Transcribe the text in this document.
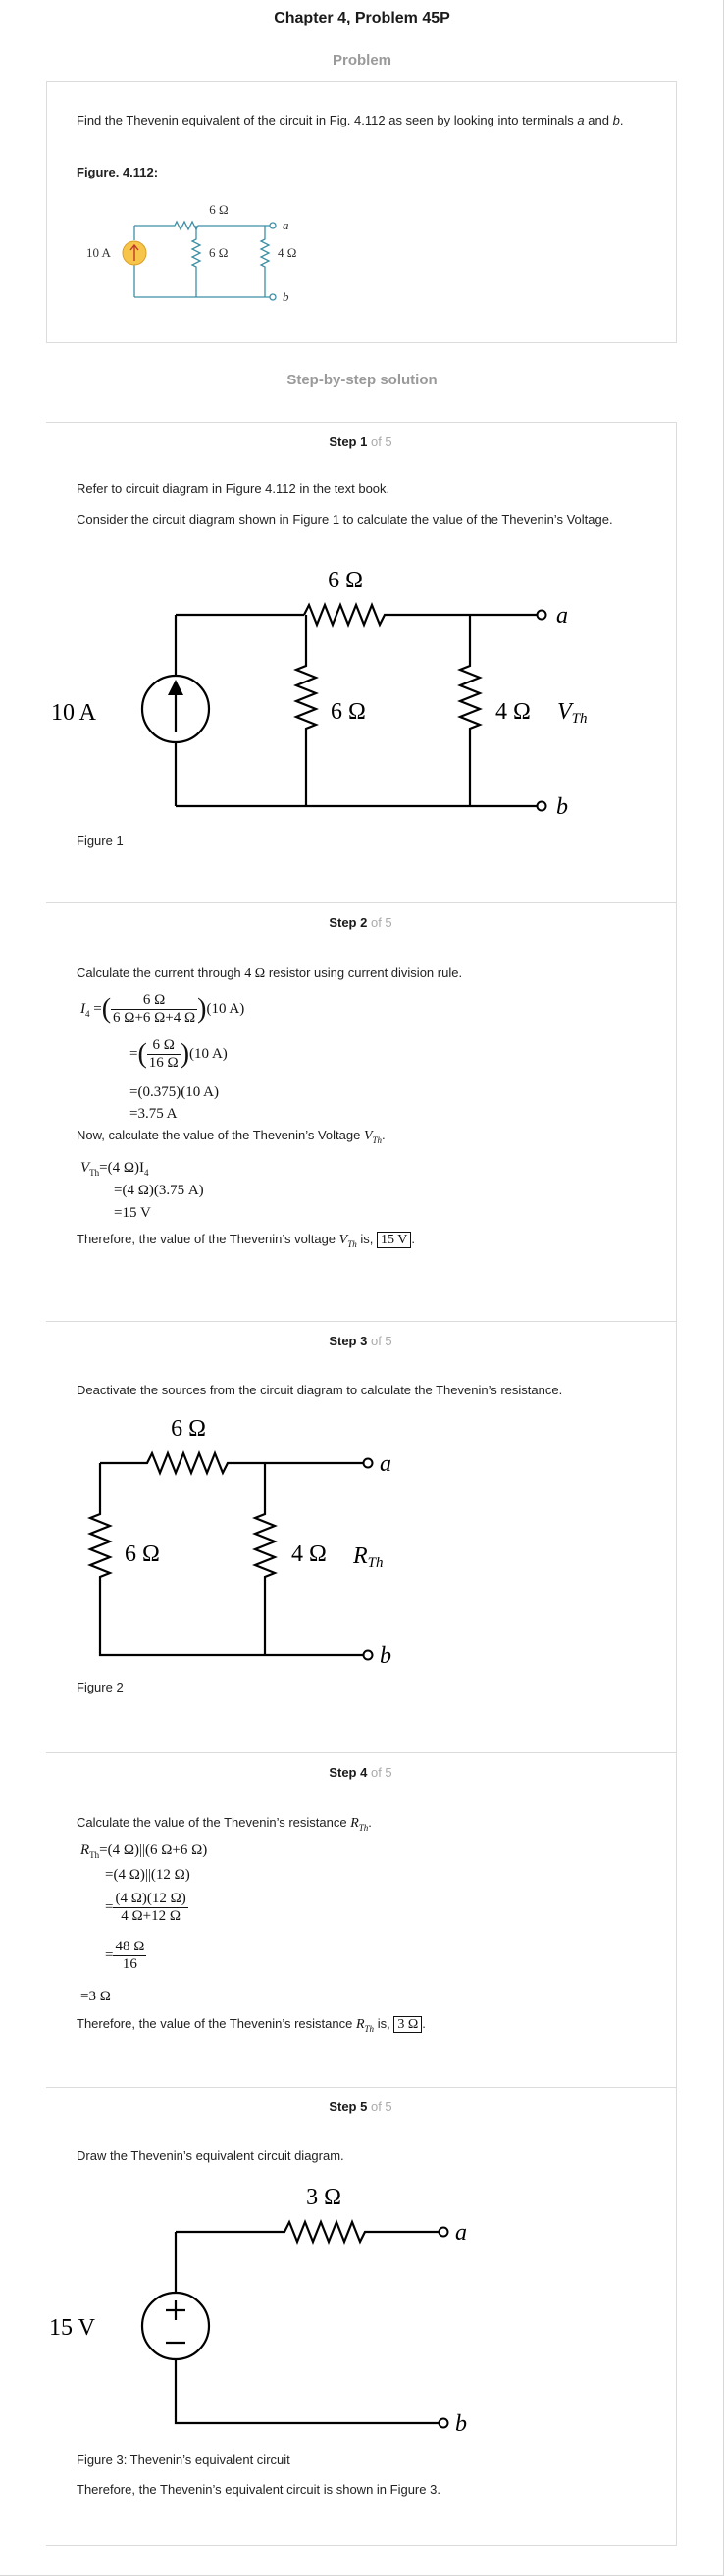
Chapter 4, Problem 45P
Problem
Find the Thevenin equivalent of the circuit in Fig. 4.112 as seen by looking into terminals a and b.
Figure. 4.112:
10 A
6 Ω
6 Ω	4 Ω
a
b
Step-by-step solution
Step 1 of 5
Refer to circuit diagram in Figure 4.112 in the text book.
Consider the circuit diagram shown in Figure 1 to calculate the value of the Thevenin’s Voltage.
10 A
6 Ω
6 Ω	4 Ω VTh
a
b
Figure 1
Step 2 of 5
Calculate the current through 4 Ω resistor using current division rule.
$I_4$ =( $\frac{6 \Omega}{6 \Omega+6 \Omega+4 \Omega} )(10$ A)
=( $\frac{6 \Omega}{16 \Omega} )(10$ A)
=(0.375)(10 A)
=3.75 A
Now, calculate the value of the Thevenin’s Voltage $V_{Th}$.
$V_{Th}=(4$ $\Omega)I_4$
=(4 Ω)(3.75 A)
=15 V
Therefore, the value of the Thevenin’s voltage $V_{Th}$ is, 15 V .
Step 3 of 5
Deactivate the sources from the circuit diagram to calculate the Thevenin’s resistance.
6 Ω
6 Ω	4 Ω RTh
a
b
Figure 2
Step 4 of 5
Calculate the value of the Thevenin’s resistance $R_{Th}$.
$R_{Th}=(4$ Ω)||(6 Ω+6 Ω)
=(4 Ω)||(12 Ω)
= $\frac{(4 \Omega)(12 \Omega)}{4 \Omega+12 \Omega}$
= $\frac{48 \Omega}{16}$
=3 Ω
Therefore, the value of the Thevenin’s resistance $R_{Th}$ is, 3 Ω .
Step 5 of 5
Draw the Thevenin’s equivalent circuit diagram.
15 V
3 Ω
a
b
Figure 3: Thevenin’s equivalent circuit
Therefore, the Thevenin’s equivalent circuit is shown in Figure 3.
